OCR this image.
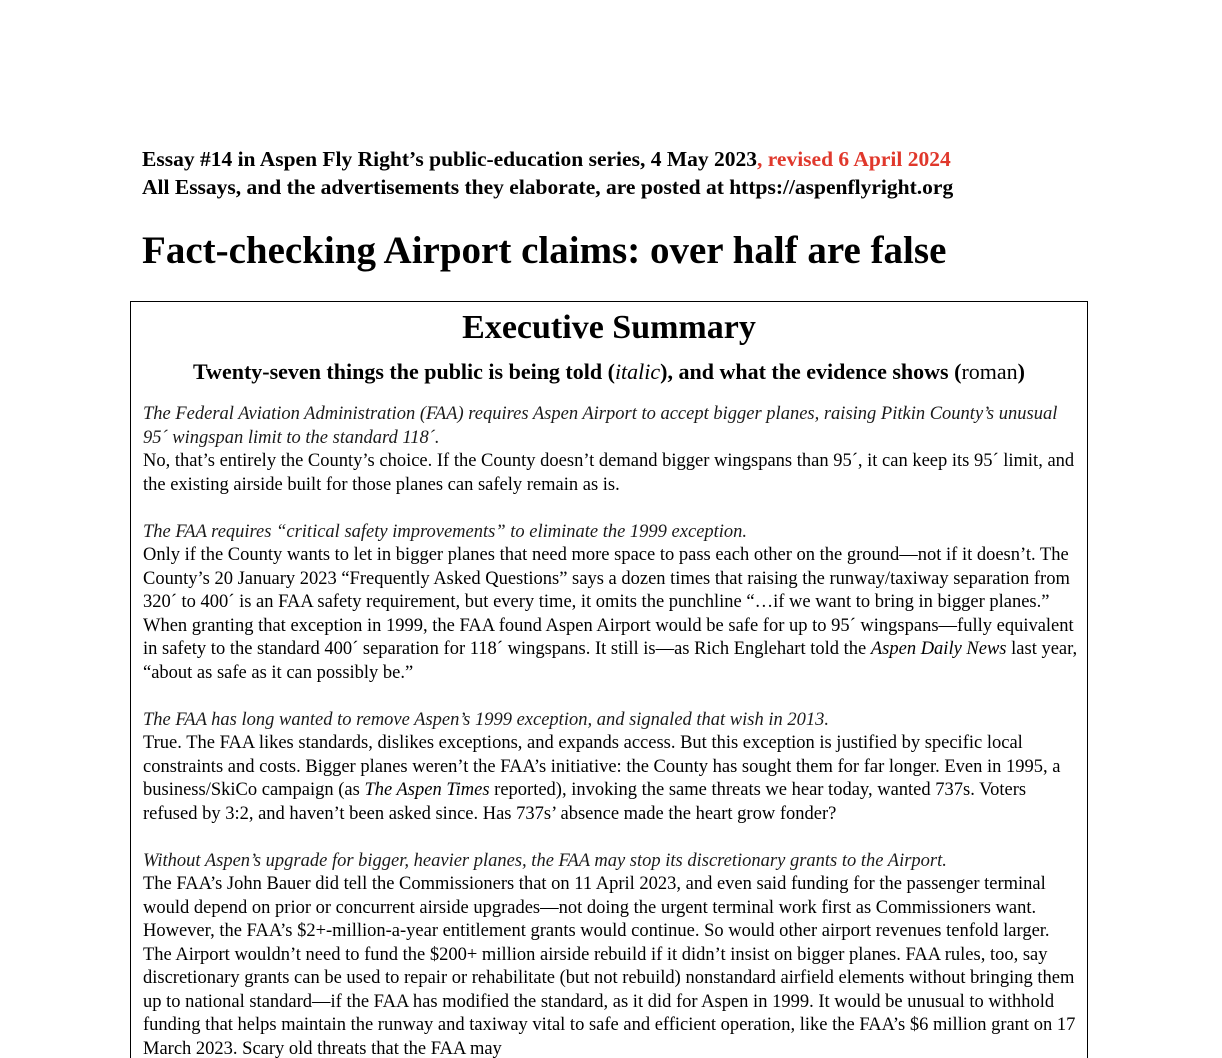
Essay #14 in Aspen Fly Right’s public-education series, 4 May 2023, revised 6 April 2024
All Essays, and the advertisements they elaborate, are posted at https://aspenflyright.org
Fact-checking Airport claims: over half are false
Executive Summary

Twenty-seven things the public is being told (italic), and what the evidence shows (roman)

The Federal Aviation Administration (FAA) requires Aspen Airport to accept bigger planes, raising Pitkin County’s unusual 95´ wingspan limit to the standard 118´.

No, that’s entirely the County’s choice. If the County doesn’t demand bigger wingspans than 95´, it can keep its 95´ limit, and the existing airside built for those planes can safely remain as is.

The FAA requires “critical safety improvements” to eliminate the 1999 exception.

Only if the County wants to let in bigger planes that need more space to pass each other on the ground—not if it doesn’t. The County’s 20 January 2023 “Frequently Asked Questions” says a dozen times that raising the runway/taxiway separation from 320´ to 400´ is an FAA safety requirement, but every time, it omits the punchline “…if we want to bring in bigger planes.” When granting that exception in 1999, the FAA found Aspen Airport would be safe for up to 95´ wingspans—fully equivalent in safety to the standard 400´ separation for 118´ wingspans. It still is—as Rich Englehart told the Aspen Daily News last year, “about as safe as it can possibly be.”

The FAA has long wanted to remove Aspen’s 1999 exception, and signaled that wish in 2013.

True. The FAA likes standards, dislikes exceptions, and expands access. But this exception is justified by specific local constraints and costs. Bigger planes weren’t the FAA’s initiative: the County has sought them for far longer. Even in 1995, a business/SkiCo campaign (as The Aspen Times reported), invoking the same threats we hear today, wanted 737s. Voters refused by 3:2, and haven’t been asked since. Has 737s’ absence made the heart grow fonder?

Without Aspen’s upgrade for bigger, heavier planes, the FAA may stop its discretionary grants to the Airport.

The FAA’s John Bauer did tell the Commissioners that on 11 April 2023, and even said funding for the passenger terminal would depend on prior or concurrent airside upgrades—not doing the urgent terminal work first as Commissioners want. However, the FAA’s $2+-million-a-year entitlement grants would continue. So would other airport revenues tenfold larger. The Airport wouldn’t need to fund the $200+ million airside rebuild if it didn’t insist on bigger planes. FAA rules, too, say discretionary grants can be used to repair or rehabilitate (but not rebuild) nonstandard airfield elements without bringing them up to national standard—if the FAA has modified the standard, as it did for Aspen in 1999. It would be unusual to withhold funding that helps maintain the runway and taxiway vital to safe and efficient operation, like the FAA’s $6 million grant on 17 March 2023. Scary old threats that the FAA may
